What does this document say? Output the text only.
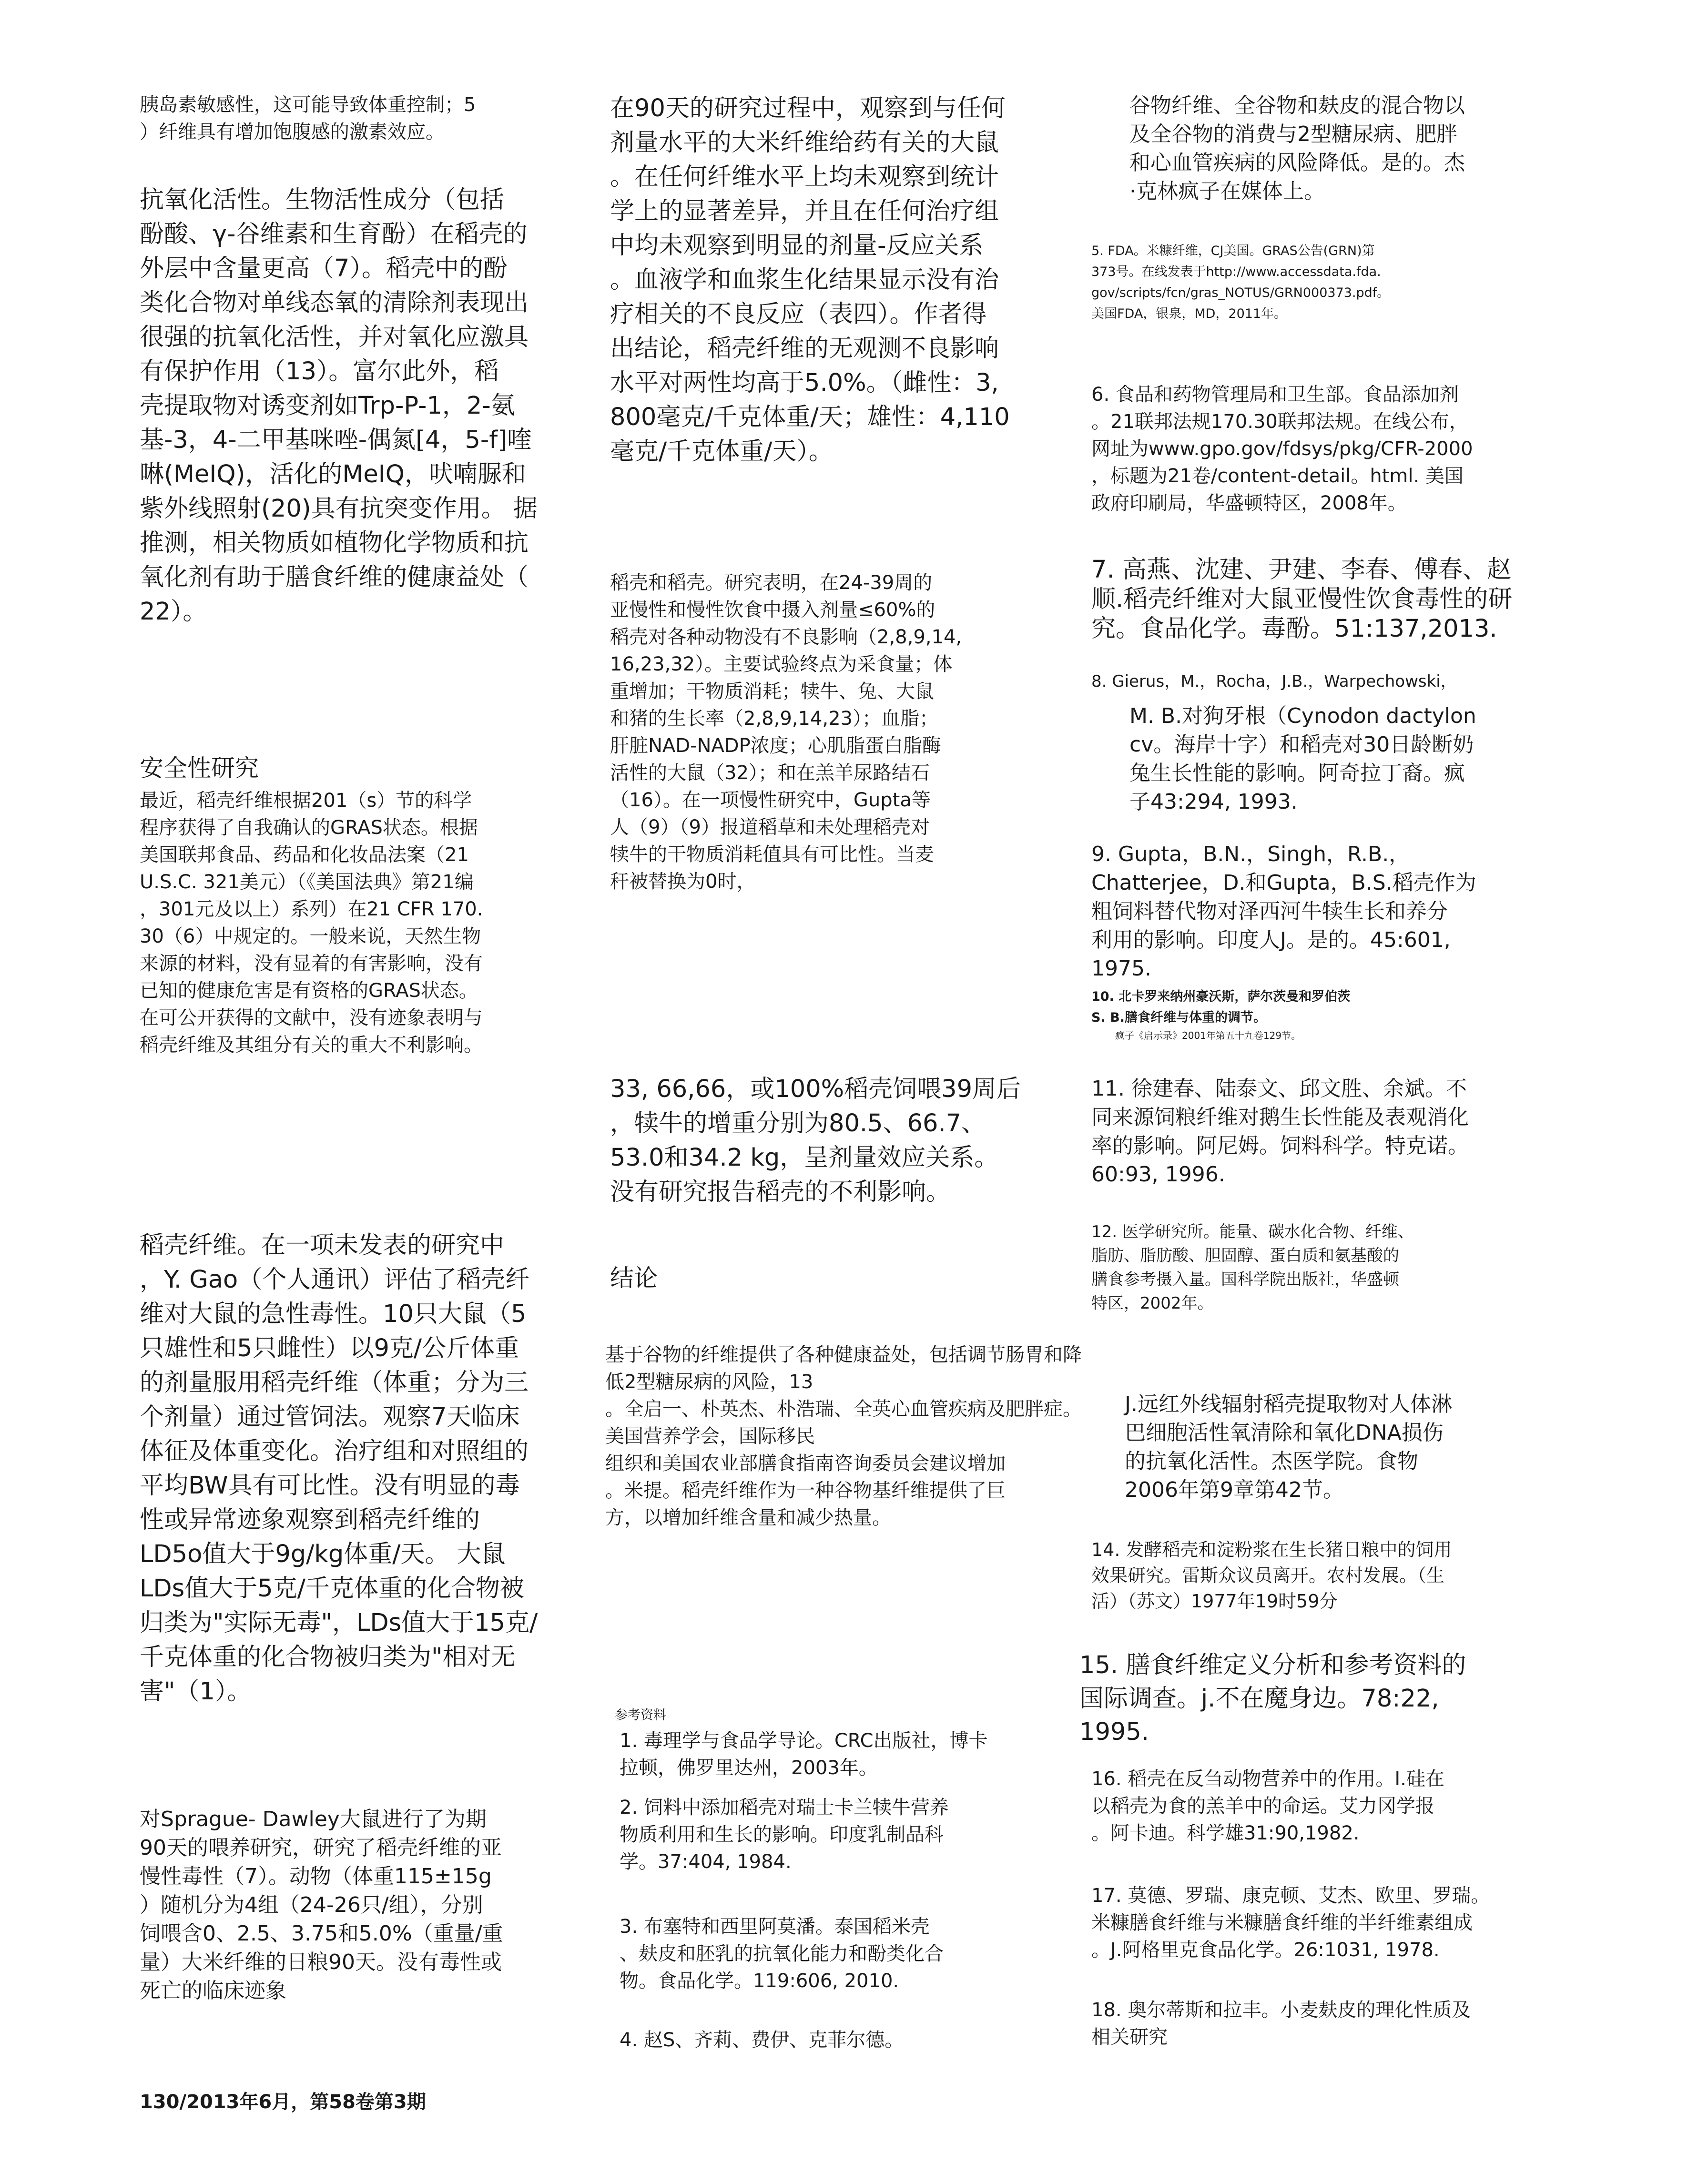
胰岛素敏感性，这可能导致体重控制；5
）纤维具有增加饱腹感的激素效应。

抗氧化活性。生物活性成分（包括
酚酸、γ-谷维素和生育酚）在稻壳的
外层中含量更高（7）。稻壳中的酚
类化合物对单线态氧的清除剂表现出
很强的抗氧化活性，并对氧化应激具
有保护作用（13）。富尔此外，稻
壳提取物对诱变剂如Trp-P-1，2-氨
基-3，4-二甲基咪唑-偶氮[4，5-f]喹
啉(MeIQ)，活化的MeIQ，吠喃脲和
紫外线照射(20)具有抗突变作用。 据
推测，相关物质如植物化学物质和抗
氧化剂有助于膳食纤维的健康益处（
22）。

安全性研究

最近，稻壳纤维根据201（s）节的科学
程序获得了自我确认的GRAS状态。根据
美国联邦食品、药品和化妆品法案（21
U.S.C. 321美元）（《美国法典》第21编
，301元及以上）系列）在21 CFR 170.
30（6）中规定的。一般来说，天然生物
来源的材料，没有显着的有害影响，没有
已知的健康危害是有资格的GRAS状态。
在可公开获得的文献中，没有迹象表明与
稻壳纤维及其组分有关的重大不利影响。

稻壳纤维。在一项未发表的研究中
，Y. Gao（个人通讯）评估了稻壳纤
维对大鼠的急性毒性。10只大鼠（5
只雄性和5只雌性）以9克/公斤体重
的剂量服用稻壳纤维（体重；分为三
个剂量）通过管饲法。观察7天临床
体征及体重变化。治疗组和对照组的
平均BW具有可比性。没有明显的毒
性或异常迹象观察到稻壳纤维的
LD5o值大于9g/kg体重/天。 大鼠
LDs值大于5克/千克体重的化合物被
归类为"实际无毒"，LDs值大于15克/
千克体重的化合物被归类为"相对无
害"（1）。

对Sprague- Dawley大鼠进行了为期
90天的喂养研究，研究了稻壳纤维的亚
慢性毒性（7）。动物（体重115±15g
）随机分为4组（24-26只/组），分别
饲喂含0、2.5、3.75和5.0%（重量/重
量）大米纤维的日粮90天。没有毒性或
死亡的临床迹象

130/2013年6月，第58卷第3期

在90天的研究过程中，观察到与任何
剂量水平的大米纤维给药有关的大鼠
。在任何纤维水平上均未观察到统计
学上的显著差异，并且在任何治疗组
中均未观察到明显的剂量-反应关系
。血液学和血浆生化结果显示没有治
疗相关的不良反应（表四）。作者得
出结论，稻壳纤维的无观测不良影响
水平对两性均高于5.0%。（雌性：3,
800毫克/千克体重/天；雄性：4,110
毫克/千克体重/天）。

稻壳和稻壳。研究表明，在24-39周的
亚慢性和慢性饮食中摄入剂量≤60%的
稻壳对各种动物没有不良影响（2,8,9,14,
16,23,32）。主要试验终点为采食量；体
重增加；干物质消耗；犊牛、兔、大鼠
和猪的生长率（2,8,9,14,23）；血脂；
肝脏NAD-NADP浓度；心肌脂蛋白脂酶
活性的大鼠（32）；和在羔羊尿路结石
（16）。在一项慢性研究中，Gupta等
人（9）（9）报道稻草和未处理稻壳对
犊牛的干物质消耗值具有可比性。当麦
秆被替换为0时，

33, 66,66，或100%稻壳饲喂39周后
，犊牛的增重分别为80.5、66.7、
53.0和34.2 kg，呈剂量效应关系。
没有研究报告稻壳的不利影响。

结论

基于谷物的纤维提供了各种健康益处，包括调节肠胃和降低2型糖尿病的风险，13
。全启一、朴英杰、朴浩瑞、全英心血管疾病及肥胖症。美国营养学会，国际移民
组织和美国农业部膳食指南咨询委员会建议增加
。米提。稻壳纤维作为一种谷物基纤维提供了巨
方，以增加纤维含量和减少热量。

参考资料

1. 毒理学与食品学导论。CRC出版社，博卡
拉顿，佛罗里达州，2003年。

2. 饲料中添加稻壳对瑞士卡兰犊牛营养
物质利用和生长的影响。印度乳制品科
学。37:404, 1984.

3. 布塞特和西里阿莫潘。泰国稻米壳
、麸皮和胚乳的抗氧化能力和酚类化合
物。食品化学。119:606, 2010.

4. 赵S、齐莉、费伊、克菲尔德。

谷物纤维、全谷物和麸皮的混合物以
及全谷物的消费与2型糖尿病、肥胖
和心血管疾病的风险降低。是的。杰
·克林疯子在媒体上。

5. FDA。米糠纤维，CJ美国。GRAS公告(GRN)第
373号。在线发表于http://www.accessdata.fda.
gov/scripts/fcn/gras_NOTUS/GRN000373.pdf。
美国FDA，银泉，MD，2011年。

6. 食品和药物管理局和卫生部。食品添加剂
。21联邦法规170.30联邦法规。在线公布，
网址为www.gpo.gov/fdsys/pkg/CFR-2000
，标题为21卷/content-detail。html. 美国
政府印刷局，华盛顿特区，2008年。

7. 高燕、沈建、尹建、李春、傅春、赵
顺.稻壳纤维对大鼠亚慢性饮食毒性的研
究。食品化学。毒酚。51:137,2013.

8. Gierus，M.，Rocha，J.B.，Warpechowski，

M. B.对狗牙根（Cynodon dactylon
cv。海岸十字）和稻壳对30日龄断奶
兔生长性能的影响。阿奇拉丁裔。疯
子43:294, 1993.

9. Gupta，B.N.，Singh，R.B.，
Chatterjee，D.和Gupta，B.S.稻壳作为
粗饲料替代物对泽西河牛犊生长和养分
利用的影响。印度人J。是的。45:601,
1975.

10. 北卡罗来纳州豪沃斯，萨尔茨曼和罗伯茨
S. B.膳食纤维与体重的调节。

疯子《启示录》2001年第五十九卷129节。

11. 徐建春、陆泰文、邱文胜、余斌。不
同来源饲粮纤维对鹅生长性能及表观消化
率的影响。阿尼姆。饲料科学。特克诺。
60:93, 1996.

12. 医学研究所。能量、碳水化合物、纤维、
脂肪、脂肪酸、胆固醇、蛋白质和氨基酸的
膳食参考摄入量。国科学院出版社，华盛顿
特区，2002年。

J.远红外线辐射稻壳提取物对人体淋
巴细胞活性氧清除和氧化DNA损伤
的抗氧化活性。杰医学院。食物
2006年第9章第42节。

14. 发酵稻壳和淀粉浆在生长猪日粮中的饲用
效果研究。雷斯众议员离开。农村发展。（生
活）（苏文）1977年19时59分

15. 膳食纤维定义分析和参考资料的
国际调查。j.不在魔身边。78:22,
1995.

16. 稻壳在反刍动物营养中的作用。I.硅在
以稻壳为食的羔羊中的命运。艾力冈学报
。阿卡迪。科学雄31:90,1982.

17. 莫德、罗瑞、康克顿、艾杰、欧里、罗瑞。
米糠膳食纤维与米糠膳食纤维的半纤维素组成
。J.阿格里克食品化学。26:1031, 1978.

18. 奥尔蒂斯和拉丰。小麦麸皮的理化性质及
相关研究
